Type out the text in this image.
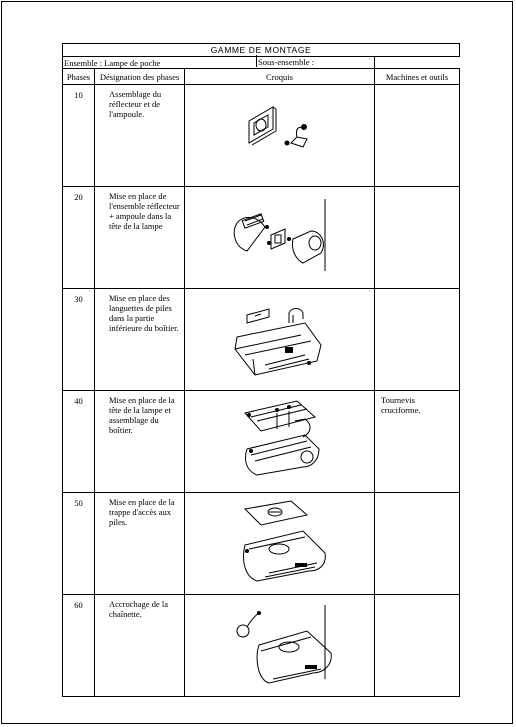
GAMME DE MONTAGE			
Ensemble : Lampe de poche		
Phases	Désignation des phases	Croquis	Machines et outils
10	Assemblage du réflecteur et de l'ampoule.	

20	Mise en place de l'ensemble réflecteur + ampoule dans la tête de la lampe	

30	Mise en place des languettes de piles dans la partie inférieure du boîtier.	

40	Mise en place de la tête de la lampe et assemblage du boîtier.		Tournevis cruciforme.
50	Mise en place de la trappe d'accès aux piles.	

60	Accrochage de la chaînette.	

Sous-ensemble :
